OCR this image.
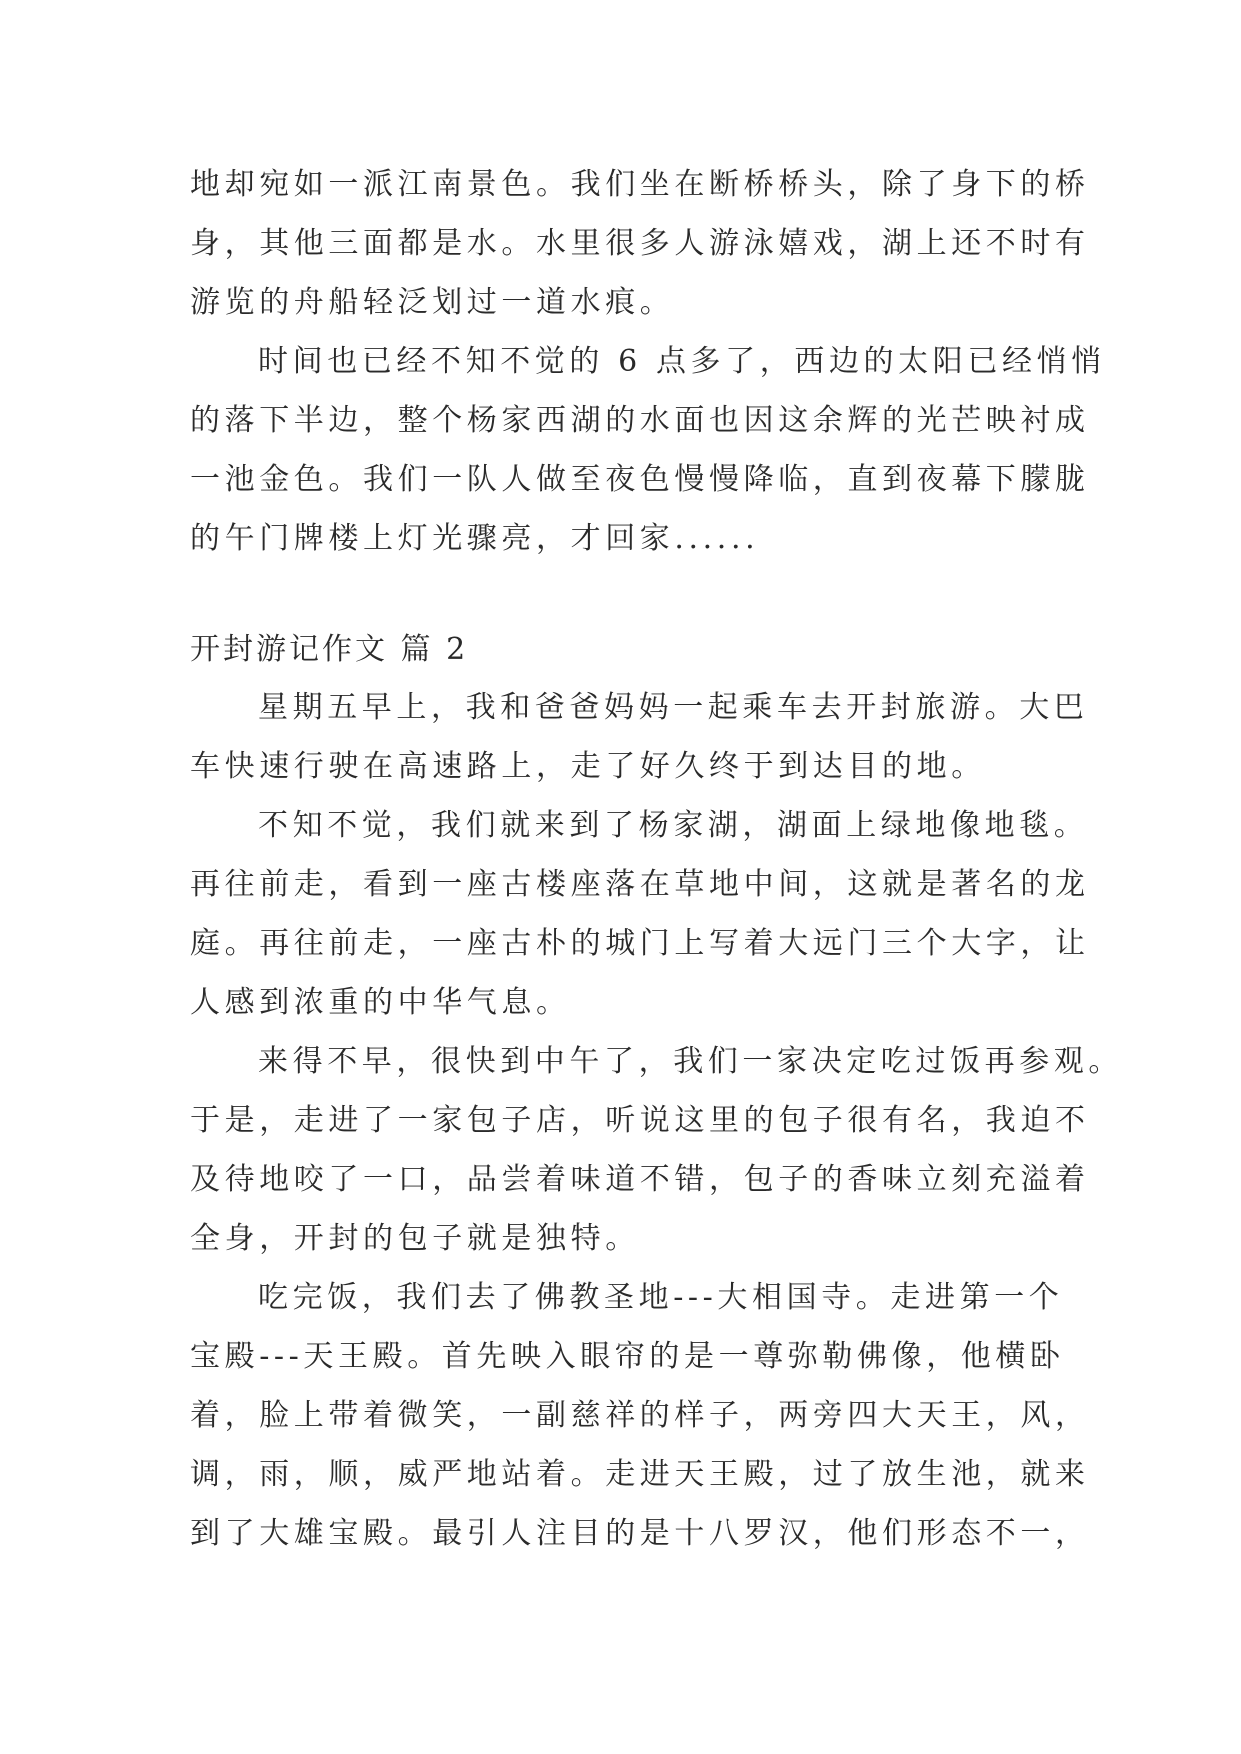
地却宛如一派江南景色。我们坐在断桥桥头，除了身下的桥
身，其他三面都是水。水里很多人游泳嬉戏，湖上还不时有
游览的舟船轻泛划过一道水痕。
时间也已经不知不觉的 6 点多了，西边的太阳已经悄悄
的落下半边，整个杨家西湖的水面也因这余辉的光芒映衬成
一池金色。我们一队人做至夜色慢慢降临，直到夜幕下朦胧
的午门牌楼上灯光骤亮，才回家......
开封游记作文 篇 2
星期五早上，我和爸爸妈妈一起乘车去开封旅游。大巴
车快速行驶在高速路上，走了好久终于到达目的地。
不知不觉，我们就来到了杨家湖，湖面上绿地像地毯。
再往前走，看到一座古楼座落在草地中间，这就是著名的龙
庭。再往前走，一座古朴的城门上写着大远门三个大字，让
人感到浓重的中华气息。
来得不早，很快到中午了，我们一家决定吃过饭再参观。
于是，走进了一家包子店，听说这里的包子很有名，我迫不
及待地咬了一口，品尝着味道不错，包子的香味立刻充溢着
全身，开封的包子就是独特。
吃完饭，我们去了佛教圣地---大相国寺。走进第一个
宝殿---天王殿。首先映入眼帘的是一尊弥勒佛像，他横卧
着，脸上带着微笑，一副慈祥的样子，两旁四大天王，风，
调，雨，顺，威严地站着。走进天王殿，过了放生池，就来
到了大雄宝殿。最引人注目的是十八罗汉，他们形态不一，
